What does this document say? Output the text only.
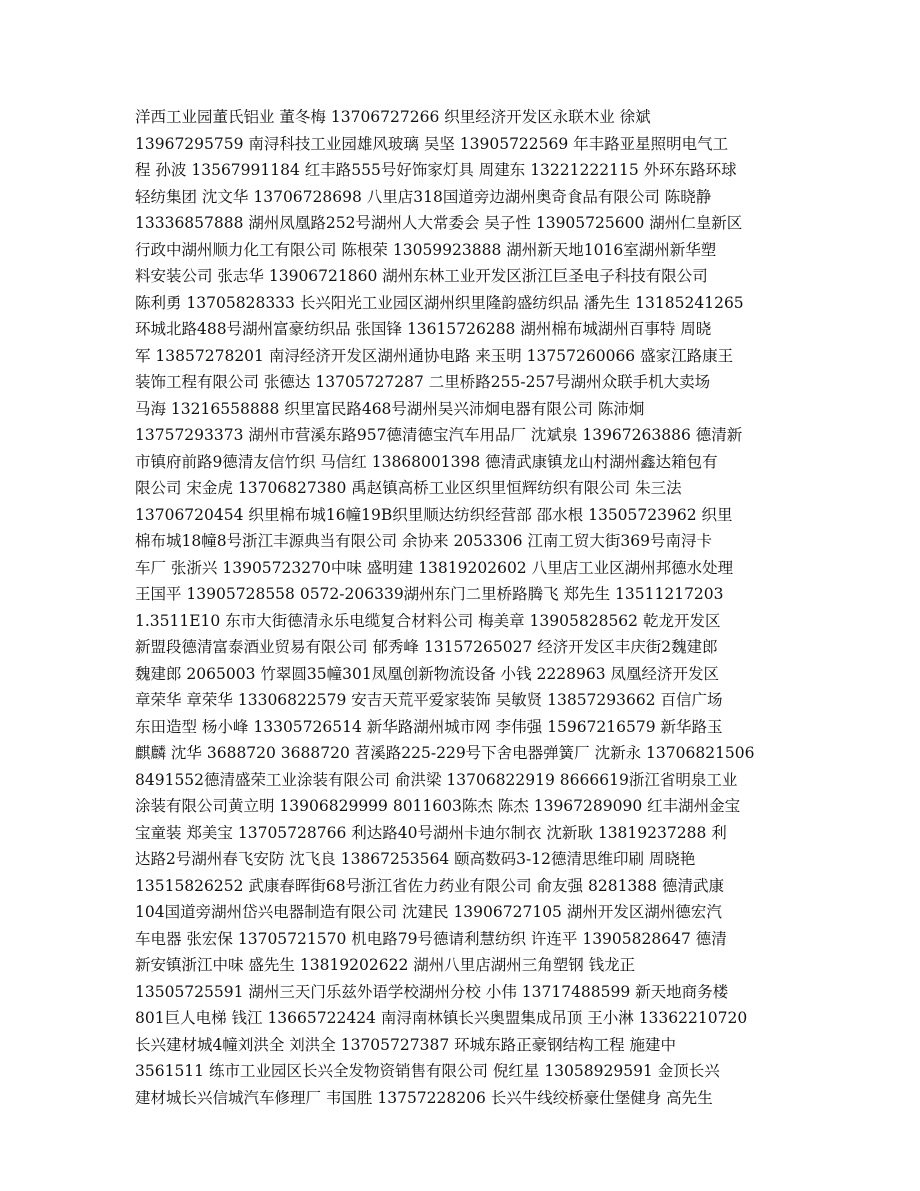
洋西工业园董氏铝业 董冬梅 13706727266 织里经济开发区永联木业 徐斌
13967295759 南浔科技工业园雄风玻璃 吴坚 13905722569 年丰路亚星照明电气工
程 孙波 13567991184 红丰路555号好饰家灯具 周建东 13221222115 外环东路环球
轻纺集团 沈文华 13706728698 八里店318国道旁边湖州奥奇食品有限公司 陈晓静
13336857888 湖州凤凰路252号湖州人大常委会 吴子性 13905725600 湖州仁皇新区
行政中湖州顺力化工有限公司 陈根荣 13059923888 湖州新天地1016室湖州新华塑
料安装公司 张志华 13906721860 湖州东林工业开发区浙江巨圣电子科技有限公司
陈利勇 13705828333 长兴阳光工业园区湖州织里隆韵盛纺织品 潘先生 13185241265
环城北路488号湖州富豪纺织品 张国锋 13615726288 湖州棉布城湖州百事特 周晓
军 13857278201 南浔经济开发区湖州通协电路 来玉明 13757260066 盛家江路康王
装饰工程有限公司 张德达 13705727287 二里桥路255-257号湖州众联手机大卖场
马海 13216558888 织里富民路468号湖州吴兴沛炯电器有限公司 陈沛炯
13757293373 湖州市营溪东路957德清德宝汽车用品厂 沈斌泉 13967263886 德清新
市镇府前路9德清友信竹织 马信红 13868001398 德清武康镇龙山村湖州鑫达箱包有
限公司 宋金虎 13706827380 禹赵镇高桥工业区织里恒辉纺织有限公司 朱三法
13706720454 织里棉布城16幢19B织里顺达纺织经营部 邵水根 13505723962 织里
棉布城18幢8号浙江丰源典当有限公司 余协来 2053306 江南工贸大街369号南浔卡
车厂 张浙兴 13905723270中味 盛明建 13819202602 八里店工业区湖州邦德水处理
王国平 13905728558 0572-206339湖州东门二里桥路腾飞 郑先生 13511217203
1.3511E10 东市大街德清永乐电缆复合材料公司 梅美章 13905828562 乾龙开发区
新盟段德清富泰酒业贸易有限公司 郁秀峰 13157265027 经济开发区丰庆街2魏建郎
魏建郎 2065003 竹翠圆35幢301凤凰创新物流设备 小钱 2228963 凤凰经济开发区
章荣华 章荣华 13306822579 安吉天荒平爱家装饰 吴敏贤 13857293662 百信广场
东田造型 杨小峰 13305726514 新华路湖州城市网 李伟强 15967216579 新华路玉
麒麟 沈华 3688720 3688720 苕溪路225-229号下舍电器弹簧厂 沈新永 13706821506
8491552德清盛荣工业涂装有限公司 俞洪梁 13706822919 8666619浙江省明泉工业
涂装有限公司黄立明 13906829999 8011603陈杰 陈杰 13967289090 红丰湖州金宝
宝童装 郑美宝 13705728766 利达路40号湖州卡迪尔制衣 沈新耿 13819237288 利
达路2号湖州春飞安防 沈飞良 13867253564 颐高数码3-12德清思维印刷 周晓艳
13515826252 武康春晖街68号浙江省佐力药业有限公司 俞友强 8281388 德清武康
104国道旁湖州岱兴电器制造有限公司 沈建民 13906727105 湖州开发区湖州德宏汽
车电器 张宏保 13705721570 机电路79号德请利慧纺织 许连平 13905828647 德清
新安镇浙江中味 盛先生 13819202622 湖州八里店湖州三角塑钢 钱龙正
13505725591 湖州三天门乐兹外语学校湖州分校 小伟 13717488599 新天地商务楼
801巨人电梯 钱江 13665722424 南浔南林镇长兴奥盟集成吊顶 王小淋 13362210720
长兴建材城4幢刘洪全 刘洪全 13705727387 环城东路正豪钢结构工程 施建中
3561511 练市工业园区长兴全发物资销售有限公司 倪红星 13058929591 金顶长兴
建材城长兴信城汽车修理厂 韦国胜 13757228206 长兴牛线绞桥豪仕堡健身 高先生
